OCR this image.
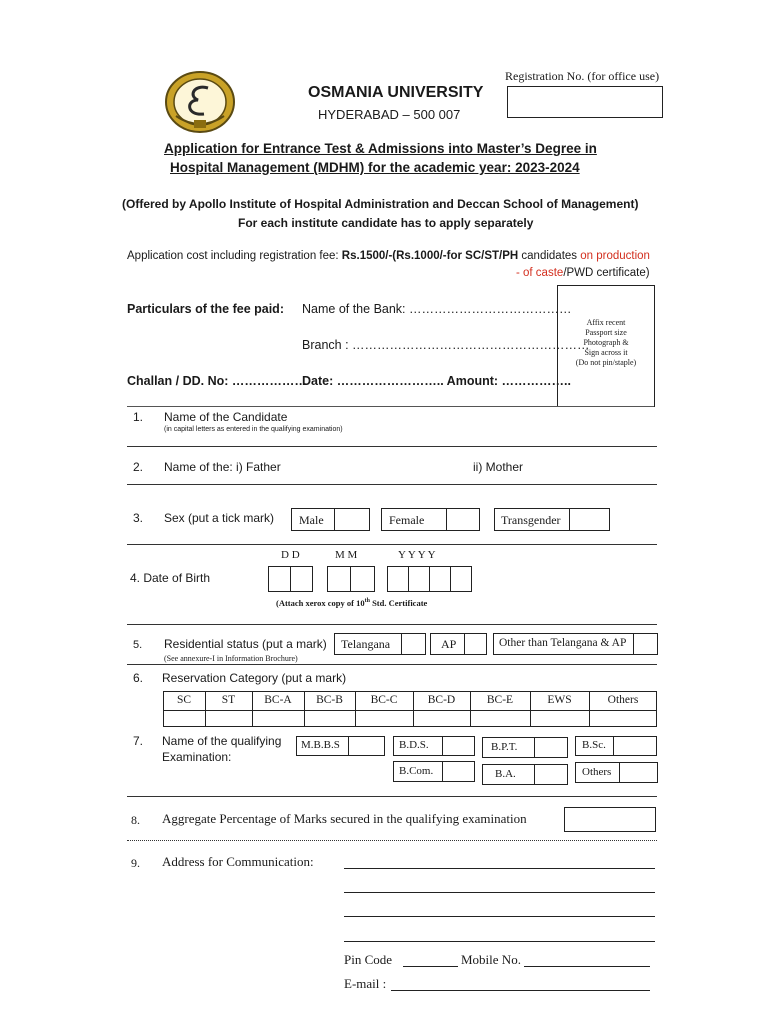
Registration No. (for office use)
OSMANIA UNIVERSITY
HYDERABAD – 500 007
Application for Entrance Test & Admissions into Master’s Degree in
Hospital Management (MDHM) for the academic year: 2023-2024
(Offered by Apollo Institute of Hospital Administration and Deccan School of Management)
For each institute candidate has to apply separately
Application cost including registration fee: Rs.1500/-(Rs.1000/-for SC/ST/PH candidates on production
- of caste/PWD certificate)
Particulars of the fee paid: Name of the Bank: …………………………………
Branch : …………………………………………………
Challan / DD. No: ………………
Date: …………………….. Amount: ……………..
Affix recent
Passport size
Photograph &
Sign across it
(Do not pin/staple)
1. Name of the Candidate
(in capital letters as entered in the qualifying examination)
2. Name of the: i) Father	ii) Mother
3. Sex (put a tick mark) Male	Female	Transgender
D D	M M	Y Y Y Y
4. Date of Birth
(Attach xerox copy of 10th Std. Certificate
5. Residential status (put a mark)
(See annexure-I in Information Brochure)
Telangana	AP	Other than Telangana & AP
6. Reservation Category (put a mark)
SC	ST	BC-A	BC-B	BC-C	BC-D	BC-E	EWS	Others
7. Name of the qualifying
Examination:
M.B.B.S	B.D.S.	B.P.T.	B.Sc.
B.Com.	B.A.	Others
8. Aggregate Percentage of Marks secured in the qualifying examination
9. Address for Communication:
Pin Code	Mobile No.
E-mail :
